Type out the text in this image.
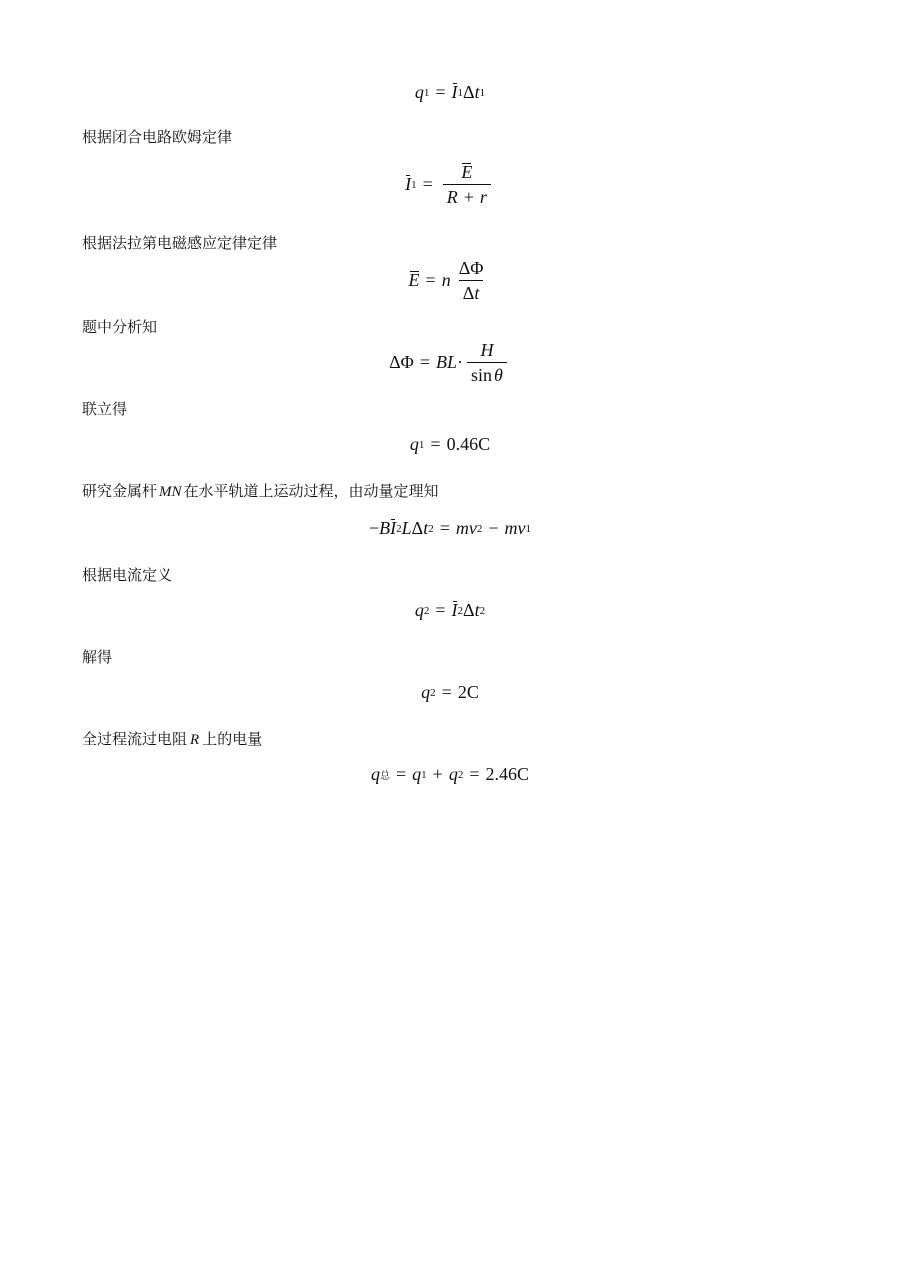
q 1 = I 1 Δ t 1
根据闭合电路欧姆定律
I $1 = \frac{E}{R + r}$
根据法拉第电磁感应定律定律
E = n $\frac{\Delta\Phi}{\Delta t}$
题中分析知
ΔΦ = BL · $\frac{H}{\text{sin θ}}$
联立得
q 1 = 0.46C
研究金属杆 MN 在水平轨道上运动过程，由动量定理知
− B I 2 L Δ t 2 = mv 2 − mv 1
根据电流定义
q 2 = I 2 Δ t 2
解得
q 2 = 2C
全过程流过电阻 R 上的电量
q 总 = q 1 + q 2 = 2.46C
